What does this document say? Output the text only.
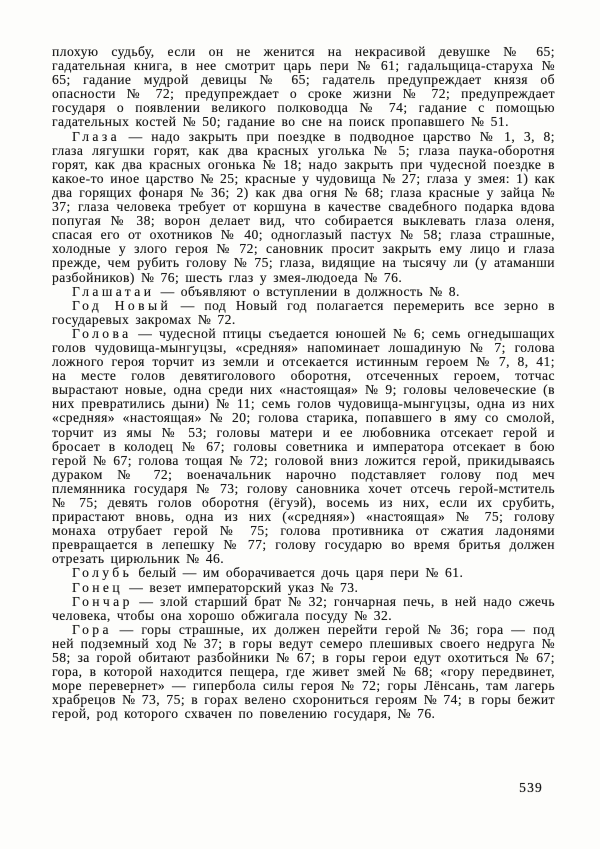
плохую судьбу, если он не женится на некрасивой девушке № 65; гадательная книга, в нее смотрит царь пери № 61; гадальщица-старуха № 65; гадание мудрой девицы № 65; гадатель предупреждает князя об опасности № 72; предупреждает о сроке жизни № 72; предупреждает государя о появлении великого полководца № 74; гадание с помощью гадательных костей № 50; гадание во сне на поиск пропавшего № 51.

Глаза — надо закрыть при поездке в подводное царство № 1, 3, 8; глаза лягушки горят, как два красных уголька № 5; глаза паука-оборотня горят, как два красных огонька № 18; надо закрыть при чудесной поездке в какое-то иное царство № 25; красные у чудовища № 27; глаза у змея: 1) как два горящих фонаря № 36; 2) как два огня № 68; глаза красные у зайца № 37; глаза человека требует от коршуна в качестве свадебного подарка вдова попугая № 38; ворон делает вид, что собирается выклевать глаза оленя, спасая его от охотников № 40; одноглазый пастух № 58; глаза страшные, холодные у злого героя № 72; сановник просит закрыть ему лицо и глаза прежде, чем рубить голову № 75; глаза, видящие на тысячу ли (у атаманши разбойников) № 76; шесть глаз у змея-людоеда № 76.

Глашатаи — объявляют о вступлении в должность № 8.

Год Новый — под Новый год полагается перемерить все зерно в государевых закромах № 72.

Голова — чудесной птицы съедается юношей № 6; семь огнедышащих голов чудовища-мынгуцзы, «средняя» напоминает лошадиную № 7; голова ложного героя торчит из земли и отсекается истинным героем № 7, 8, 41; на месте голов девятиголового оборотня, отсеченных героем, тотчас вырастают новые, одна среди них «настоящая» № 9; головы человеческие (в них превратились дыни) № 11; семь голов чудовища-мынгуцзы, одна из них «средняя» «настоящая» № 20; голова старика, попавшего в яму со смолой, торчит из ямы № 53; головы матери и ее любовника отсекает герой и бросает в колодец № 67; головы советника и императора отсекает в бою герой № 67; голова тощая № 72; головой вниз ложится герой, прикидываясь дураком № 72; военачальник нарочно подставляет голову под меч племянника государя № 73; голову сановника хочет отсечь герой-мститель № 75; девять голов оборотня (ёгуэй), восемь из них, если их срубить, прирастают вновь, одна из них («средняя») «настоящая» № 75; голову монаха отрубает герой № 75; голова противника от сжатия ладонями превращается в лепешку № 77; голову государю во время бритья должен отрезать цирюльник № 46.

Голубь белый — им оборачивается дочь царя пери № 61.

Гонец — везет императорский указ № 73.

Гончар — злой старший брат № 32; гончарная печь, в ней надо сжечь человека, чтобы она хорошо обжигала посуду № 32.

Гора — горы страшные, их должен перейти герой № 36; гора — под ней подземный ход № 37; в горы ведут семеро плешивых своего недруга № 58; за горой обитают разбойники № 67; в горы герои едут охотиться № 67; гора, в которой находится пещера, где живет змей № 68; «гору передвинет, море перевернет» — гипербола силы героя № 72; горы Лёнсань, там лагерь храбрецов № 73, 75; в горах велено схорониться героям № 74; в горы бежит герой, род которого схвачен по повелению государя, № 76.

539
